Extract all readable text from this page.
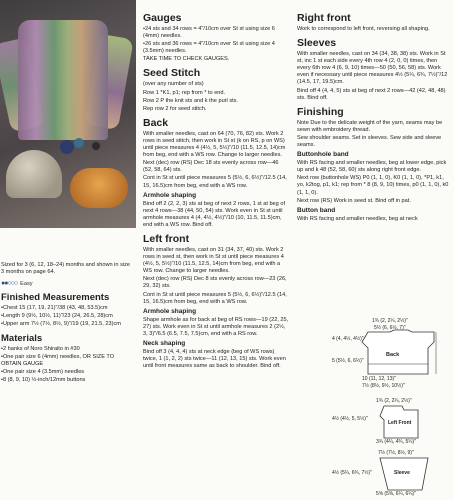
Sized for 3 (6, 12, 18–24) months and shown in size 3 months on page 64.
●●○○○ Easy
Finished Measurements
•Chest 15 (17, 19, 21)"/38 (43, 48, 53.5)cm
•Length 9 (9½, 10½, 11)"/23 (24, 26.5, 28)cm
•Upper arm 7½ (7½, 8½, 9)"/19 (19, 21.5, 23)cm
Materials
•2 hanks of Noro Shiraito in #30
•One pair size 6 (4mm) needles, OR SIZE TO OBTAIN GAUGE
•One pair size 4 (3.5mm) needles
•8 (8, 9, 10) ½-inch/12mm buttons
Gauges
•24 sts and 34 rows = 4"/10cm over St st using size 6 (4mm) needles.
•26 sts and 36 rows = 4"/10cm over St st using size 4 (3.5mm) needles.
TAKE TIME TO CHECK GAUGES.
Seed Stitch
(over any number of sts)
Row 1 *K1, p1; rep from * to end.
Row 2 P the knit sts and k the purl sts.
Rep row 2 for seed stitch.
Back
With smaller needles, cast on 64 (70, 76, 82) sts. Work 2 rows in seed stitch, then work in St st (k on RS, p on WS) until piece measures 4 (4½, 5, 5½)"/10 (11.5, 12.5, 14)cm from beg, end with a WS row. Change to larger needles.
Next (dec) row (RS) Dec 18 sts evenly across row—46 (52, 58, 64) sts.
Cont in St st until piece measures 5 (5½, 6, 6½)"/12.5 (14, 15, 16.5)cm from beg, end with a WS row.
Armhole shaping
Bind off 2 (2, 2, 3) sts at beg of next 2 rows, 1 st at beg of next 4 rows—38 (44, 50, 54) sts. Work even in St st until armhole measures 4 (4, 4½, 4½)"/10 (10, 11.5, 11.5)cm, end with a WS row. Bind off.
Left front
With smaller needles, cast on 31 (34, 37, 40) sts. Work 2 rows in seed st, then work in St st until piece measures 4 (4½, 5, 5½)"/10 (11.5, 12.5, 14)cm from beg, end with a WS row. Change to larger needles.
Next (dec) row (RS) Dec 8 sts evenly across row—23 (26, 29, 32) sts.
Cont in St st until piece measures 5 (5½, 6, 6½)"/12.5 (14, 15, 16.5)cm from beg, end with a WS row.
Armhole shaping
Shape armhole as for back at beg of RS rows—19 (22, 25, 27) sts. Work even in St st until armhole measures 2 (2½, 3, 3)"/6.5 (6.5, 7.5, 7.5)cm, end with a RS row.
Neck shaping
Bind off 3 (4, 4, 4) sts at neck edge (beg of WS rows) twice, 1 (1, 2, 2) sts twice—11 (12, 13, 15) sts. Work even until front measures same as back to shoulder. Bind off.
Right front
Work to correspond to left front, reversing all shaping.
Sleeves
With smaller needles, cast on 34 (34, 38, 38) sts. Work in St st, inc 1 st each side every 4th row 4 (2, 0, 0) times, then every 6th row 4 (6, 9, 10) times—50 (50, 56, 58) sts. Work even if necessary until piece measures 4½ (5¼, 6¾, 7½)"/12 (14.5, 17, 19.5)cm.
Bind off 4 (4, 4, 5) sts at beg of next 2 rows—42 (42, 48, 48) sts. Bind off.
Finishing
Note Due to the delicate weight of the yarn, seams may be sewn with embroidery thread.
Sew shoulder seams. Set in sleeves. Sew side and sleeve seams.
Buttonhole band
With RS facing and smaller needles, beg at lower edge, pick up and k 48 (52, 58, 60) sts along right front edge.
Next row (buttonhole WS) P0 (1, 1, 0), K0 (1, 1, 0), *P1, k1, yo, k2tog, p1, k1; rep from * 8 (8, 9, 10) times, p0 (1, 1, 0), k0 (1, 1, 0).
Next row (RS) Work in seed st. Bind off in pat.
Button band
With RS facing and smaller needles, beg at neck
1¾ (2, 2¼, 2½)"
5½ (6, 6½, 7)"
Back
4 (4, 4½, 4½)"
5 (5½, 6, 6½)"
10 (11, 12, 13)"
7½ (8½, 9½, 10½)"
1¾ (2, 2¼, 2½)"
Left Front
4½ (4½, 5, 5½)"
3¾ (4¼, 4¾, 5¼)"
7½ (7½, 8½, 9)"
Sleeve
4½ (5¼, 6¾, 7½)"
5⅝ (5⅝, 6¼, 6¼)"
